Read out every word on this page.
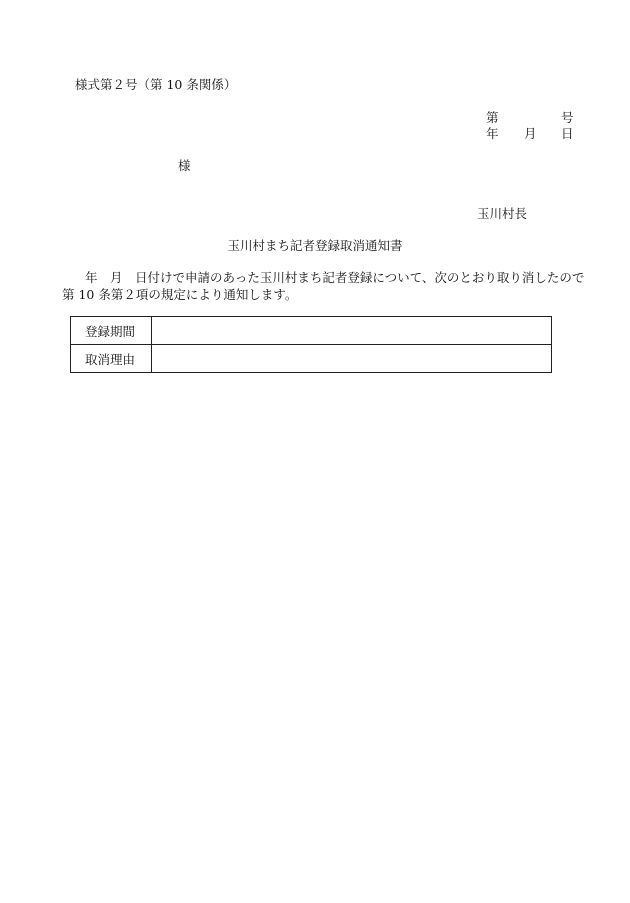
様式第２号（第 10 条関係）
第	号
年 月 日
様
玉川村長
玉川村まち記者登録取消通知書
年　月　日付けで申請のあった玉川村まち記者登録について、次のとおり取り消したので
第 10 条第２項の規定により通知します。
登録期間	
取消理由	
